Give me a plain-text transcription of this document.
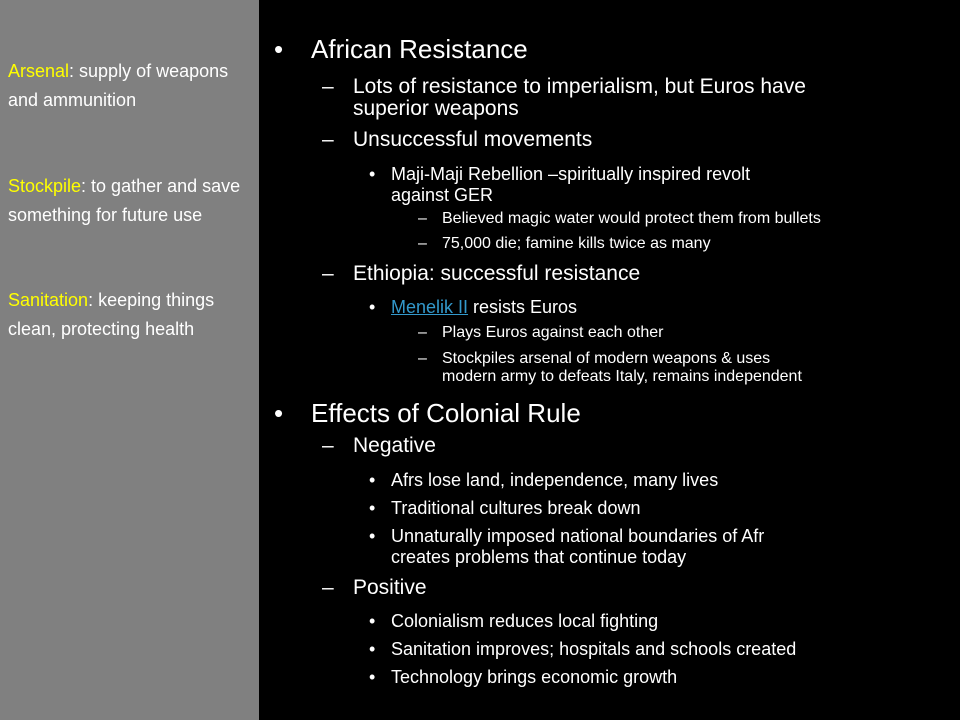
Arsenal: supply of weapons and ammunition

Stockpile: to gather and save something for future use

Sanitation: keeping things clean, protecting health

• African Resistance
– Lots of resistance to imperialism, but Euros have
superior weapons
– Unsuccessful movements
• Maji-Maji Rebellion –spiritually inspired revolt
against GER
– Believed magic water would protect them from bullets
– 75,000 die; famine kills twice as many
– Ethiopia: successful resistance
• Menelik II resists Euros
– Plays Euros against each other
– Stockpiles arsenal of modern weapons & uses
modern army to defeats Italy, remains independent
• Effects of Colonial Rule
– Negative
• Afrs lose land, independence, many lives
• Traditional cultures break down
• Unnaturally imposed national boundaries of Afr
creates problems that continue today
– Positive
• Colonialism reduces local fighting
• Sanitation improves; hospitals and schools created
• Technology brings economic growth
